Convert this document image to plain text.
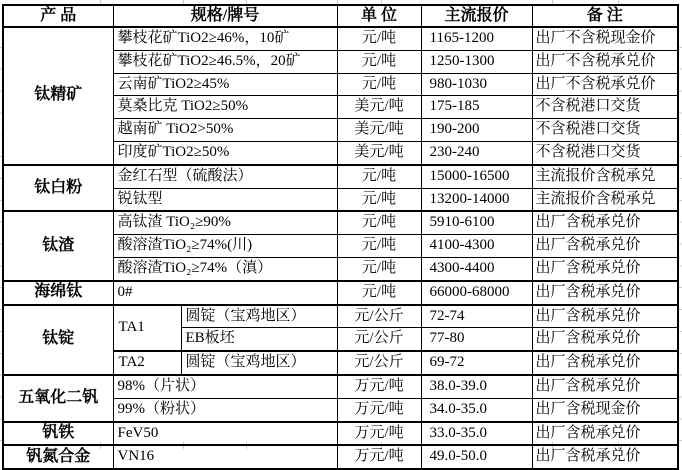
产 品	规格/牌号		单 位	主流报价	备 注
钛精矿	攀枝花矿TiO2≥46%，10矿		元/吨	1165-1200	出厂不含税现金价
	攀枝花矿TiO2≥46.5%，20矿		元/吨	1250-1300	出厂不含税承兑价
	云南矿TiO2≥45%		元/吨	980-1030	出厂不含税承兑价
	莫桑比克 TiO2≥50%		美元/吨	175-185	不含税港口交货
	越南矿 TiO2>50%		美元/吨	190-200	不含税港口交货
	印度矿TiO2≥50%		美元/吨	230-240	不含税港口交货
钛白粉	金红石型（硫酸法）		元/吨	15000-16500	主流报价含税承兑
	锐钛型		元/吨	13200-14000	主流报价含税承兑
钛渣	高钛渣 TiO₂≥90%		元/吨	5910-6100	出厂含税承兑价
	酸溶渣TiO₂≥74%(川)		元/吨	4100-4300	出厂含税承兑价
	酸溶渣TiO₂≥74%（滇）		元/吨	4300-4400	出厂含税承兑价
海绵钛	0#		元/吨	66000-68000	出厂含税承兑价
钛锭	TA1	圆锭（宝鸡地区）	元/公斤	72-74	出厂含税承兑价
		EB板坯	元/公斤	77-80	出厂含税承兑价
	TA2	圆锭（宝鸡地区）	元/公斤	69-72	出厂含税承兑价
五氧化二钒	98%（片状）		万元/吨	38.0-39.0	出厂含税承兑价
	99%（粉状）		万元/吨	34.0-35.0	出厂含税现金价
钒铁	FeV50		万元/吨	33.0-35.0	出厂含税承兑价
钒氮合金	VN16		万元/吨	49.0-50.0	出厂含税承兑价
